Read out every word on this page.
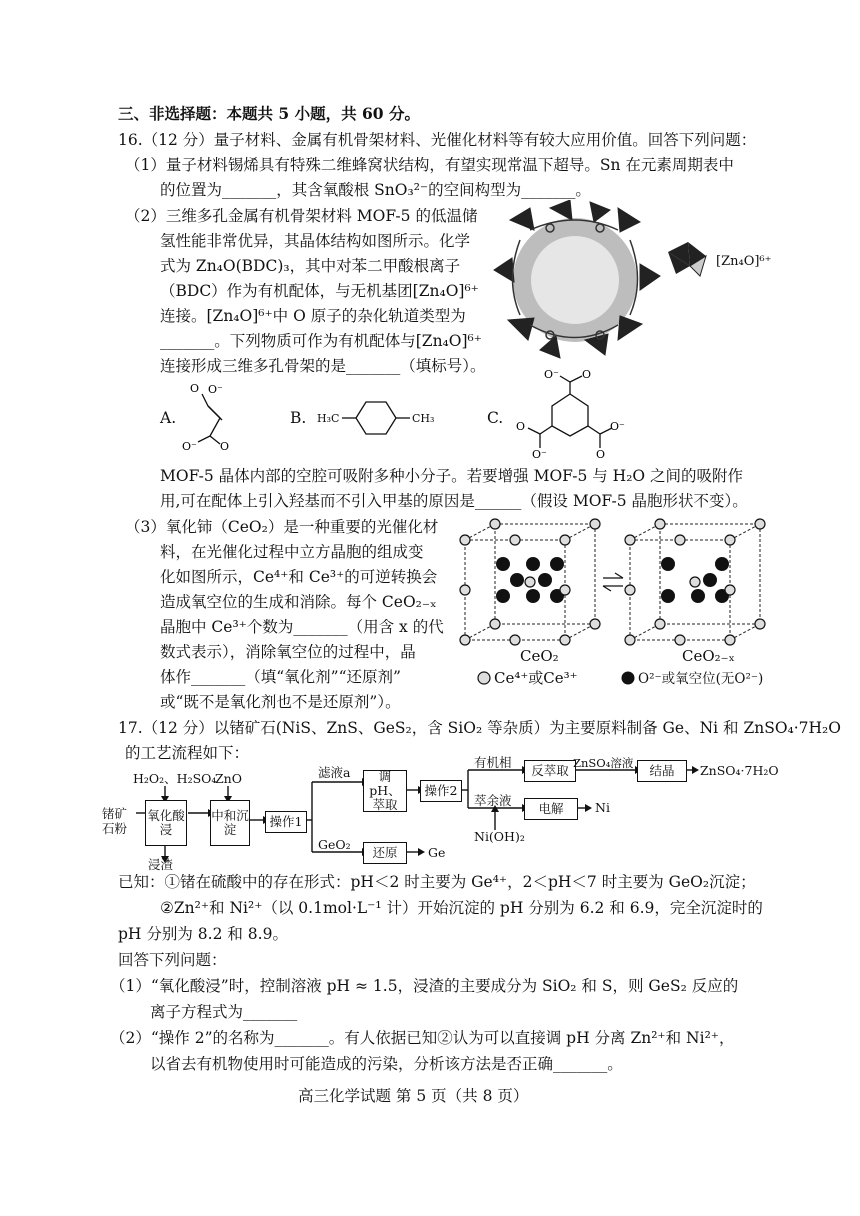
三、非选择题：本题共 5 小题，共 60 分。
16.（12 分）量子材料、金属有机骨架材料、光催化材料等有较大应用价值。回答下列问题：
（1）量子材料锡烯具有特殊二维蜂窝状结构，有望实现常温下超导。Sn 在元素周期表中
的位置为_______，其含氧酸根 SnO₃²⁻的空间构型为_______。
（2）三维多孔金属有机骨架材料 MOF-5 的低温储
氢性能非常优异，其晶体结构如图所示。化学
式为 Zn₄O(BDC)₃，其中对苯二甲酸根离子
（BDC）作为有机配体，与无机基团[Zn₄O]⁶⁺
连接。[Zn₄O]⁶⁺中 O 原子的杂化轨道类型为
_______。下列物质可作为有机配体与[Zn₄O]⁶⁺
连接形成三维多孔骨架的是_______（填标号）。
[Zn₄O]⁶⁺
A.
O⁻
O
O⁻ O
B. H₃C	CH₃	C.
O⁻ O
O
O⁻
O⁻
O
MOF-5 晶体内部的空腔可吸附多种小分子。若要增强 MOF-5 与 H₂O 之间的吸附作
用,可在配体上引入羟基而不引入甲基的原因是______（假设 MOF-5 晶胞形状不变）。
（3）氧化铈（CeO₂）是一种重要的光催化材
料，在光催化过程中立方晶胞的组成变
化如图所示，Ce⁴⁺和 Ce³⁺的可逆转换会
造成氧空位的生成和消除。每个 CeO₂₋ₓ
晶胞中 Ce³⁺个数为_______（用含 x 的代
数式表示），消除氧空位的过程中，晶
体作_______（填“氧化剂”“还原剂”
或“既不是氧化剂也不是还原剂”）。
CeO₂	CeO₂₋ₓ
Ce⁴⁺或Ce³⁺	O²⁻或氧空位(无O²⁻)
17.（12 分）以锗矿石(NiS、ZnS、GeS₂，含 SiO₂ 等杂质）为主要原料制备 Ge、Ni 和 ZnSO₄·7H₂O
的工艺流程如下：
H₂O₂、H₂SO₄
ZnO
锗矿石粉
氧化酸浸
浸渣
中和沉淀
操作1
滤液a	调pH、萃取
操作2
有机相
反萃取 ZnSO₄溶液	结晶	ZnSO₄·7H₂O
萃余液
电解	Ni
Ni(OH)₂
GeO₂
还原	Ge
已知：①锗在硫酸中的存在形式：pH＜2 时主要为 Ge⁴⁺，2＜pH＜7 时主要为 GeO₂沉淀；
②Zn²⁺和 Ni²⁺（以 0.1mol·L⁻¹ 计）开始沉淀的 pH 分别为 6.2 和 6.9，完全沉淀时的
pH 分别为 8.2 和 8.9。
回答下列问题：
（1）“氧化酸浸”时，控制溶液 pH ≈ 1.5，浸渣的主要成分为 SiO₂ 和 S，则 GeS₂ 反应的
离子方程式为_______
（2）“操作 2”的名称为_______。有人依据已知②认为可以直接调 pH 分离 Zn²⁺和 Ni²⁺，
以省去有机物使用时可能造成的污染，分析该方法是否正确_______。
高三化学试题 第 5 页（共 8 页）
